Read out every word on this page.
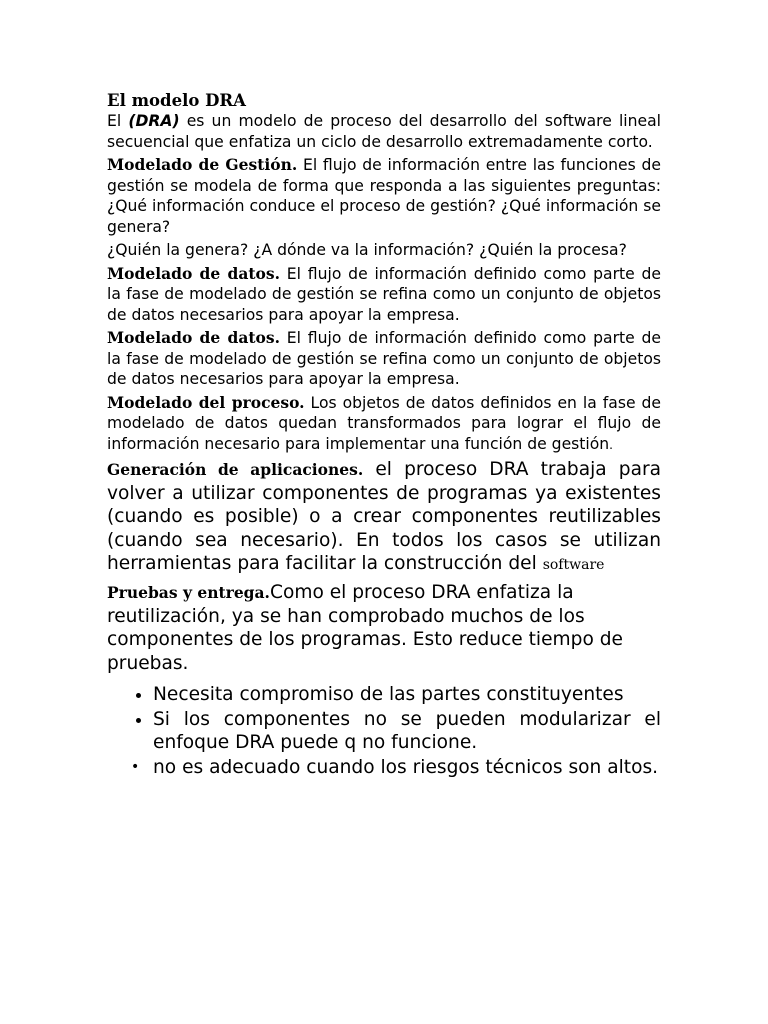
El modelo DRA

El (DRA) es un modelo de proceso del desarrollo del software lineal secuencial que enfatiza un ciclo de desarrollo extremadamente corto.

Modelado de Gestión. El flujo de información entre las funciones de gestión se modela de forma que responda a las siguientes preguntas: ¿Qué información conduce el proceso de gestión? ¿Qué información se genera?

¿Quién la genera? ¿A dónde va la información? ¿Quién la procesa?

Modelado de datos. El flujo de información definido como parte de la fase de modelado de gestión se refina como un conjunto de objetos de datos necesarios para apoyar la empresa.

Modelado de datos. El flujo de información definido como parte de la fase de modelado de gestión se refina como un conjunto de objetos de datos necesarios para apoyar la empresa.

Modelado del proceso. Los objetos de datos definidos en la fase de modelado de datos quedan transformados para lograr el flujo de información necesario para implementar una función de gestión.

Generación de aplicaciones. el proceso DRA trabaja para volver a utilizar componentes de programas ya existentes (cuando es posible) o a crear componentes reutilizables (cuando sea necesario). En todos los casos se utilizan herramientas para facilitar la construcción del software

Pruebas y entrega.Como el proceso DRA enfatiza la reutilización, ya se han comprobado muchos de los componentes de los programas. Esto reduce tiempo de pruebas.

• Necesita compromiso de las partes constituyentes
• Si los componentes no se pueden modularizar el enfoque DRA puede q no funcione.
• no es adecuado cuando los riesgos técnicos son altos.
